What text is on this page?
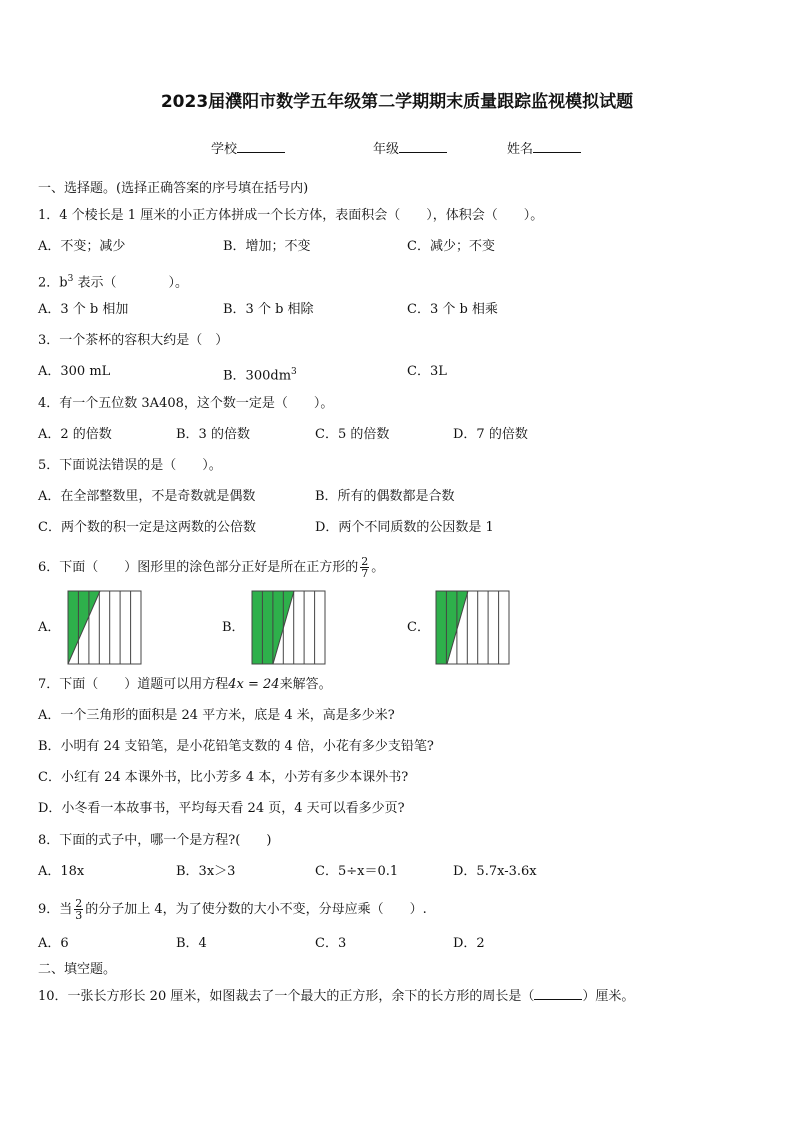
2023届濮阳市数学五年级第二学期期末质量跟踪监视模拟试题
学校	年级	姓名
一、选择题。(选择正确答案的序号填在括号内)
1．4 个棱长是 1 厘米的小正方体拼成一个长方体，表面积会（　　），体积会（　　）。
A．不变；减少	B．增加；不变	C．减少；不变
2．$b^3$ 表示（　　　　）。
A．3 个 b 相加	B．3 个 b 相除	C．3 个 b 相乘
3．一个茶杯的容积大约是（　）
A．300 mL	B．$300dm^3$	C．3L
4．有一个五位数 3A408，这个数一定是（　　）。
A．2 的倍数	B．3 的倍数	C．5 的倍数	D．7 的倍数
5．下面说法错误的是（　　）。
A．在全部整数里，不是奇数就是偶数	B．所有的偶数都是合数
C．两个数的积一定是这两数的公倍数	D．两个不同质数的公因数是 1
6．下面（　　）图形里的涂色部分正好是所在正方形的 $\frac{2}{7}$ 。
A．	B．	C．
7．下面（　　）道题可以用方程4x = 24来解答。
A．一个三角形的面积是 24 平方米，底是 4 米，高是多少米?
B．小明有 24 支铅笔，是小花铅笔支数的 4 倍，小花有多少支铅笔?
C．小红有 24 本课外书，比小芳多 4 本，小芳有多少本课外书?
D．小冬看一本故事书，平均每天看 24 页，4 天可以看多少页?
8．下面的式子中，哪一个是方程?(　　)
A．18x	B．3x＞3	C．5÷x＝0.1	D．5.7x-3.6x
9．当 $\frac{2}{3}$ 的分子加上 4，为了使分数的大小不变，分母应乘（　　）.
A．6	B．4	C．3	D．2
二、填空题。
10．一张长方形长 20 厘米，如图裁去了一个最大的正方形，余下的长方形的周长是（	）厘米。
